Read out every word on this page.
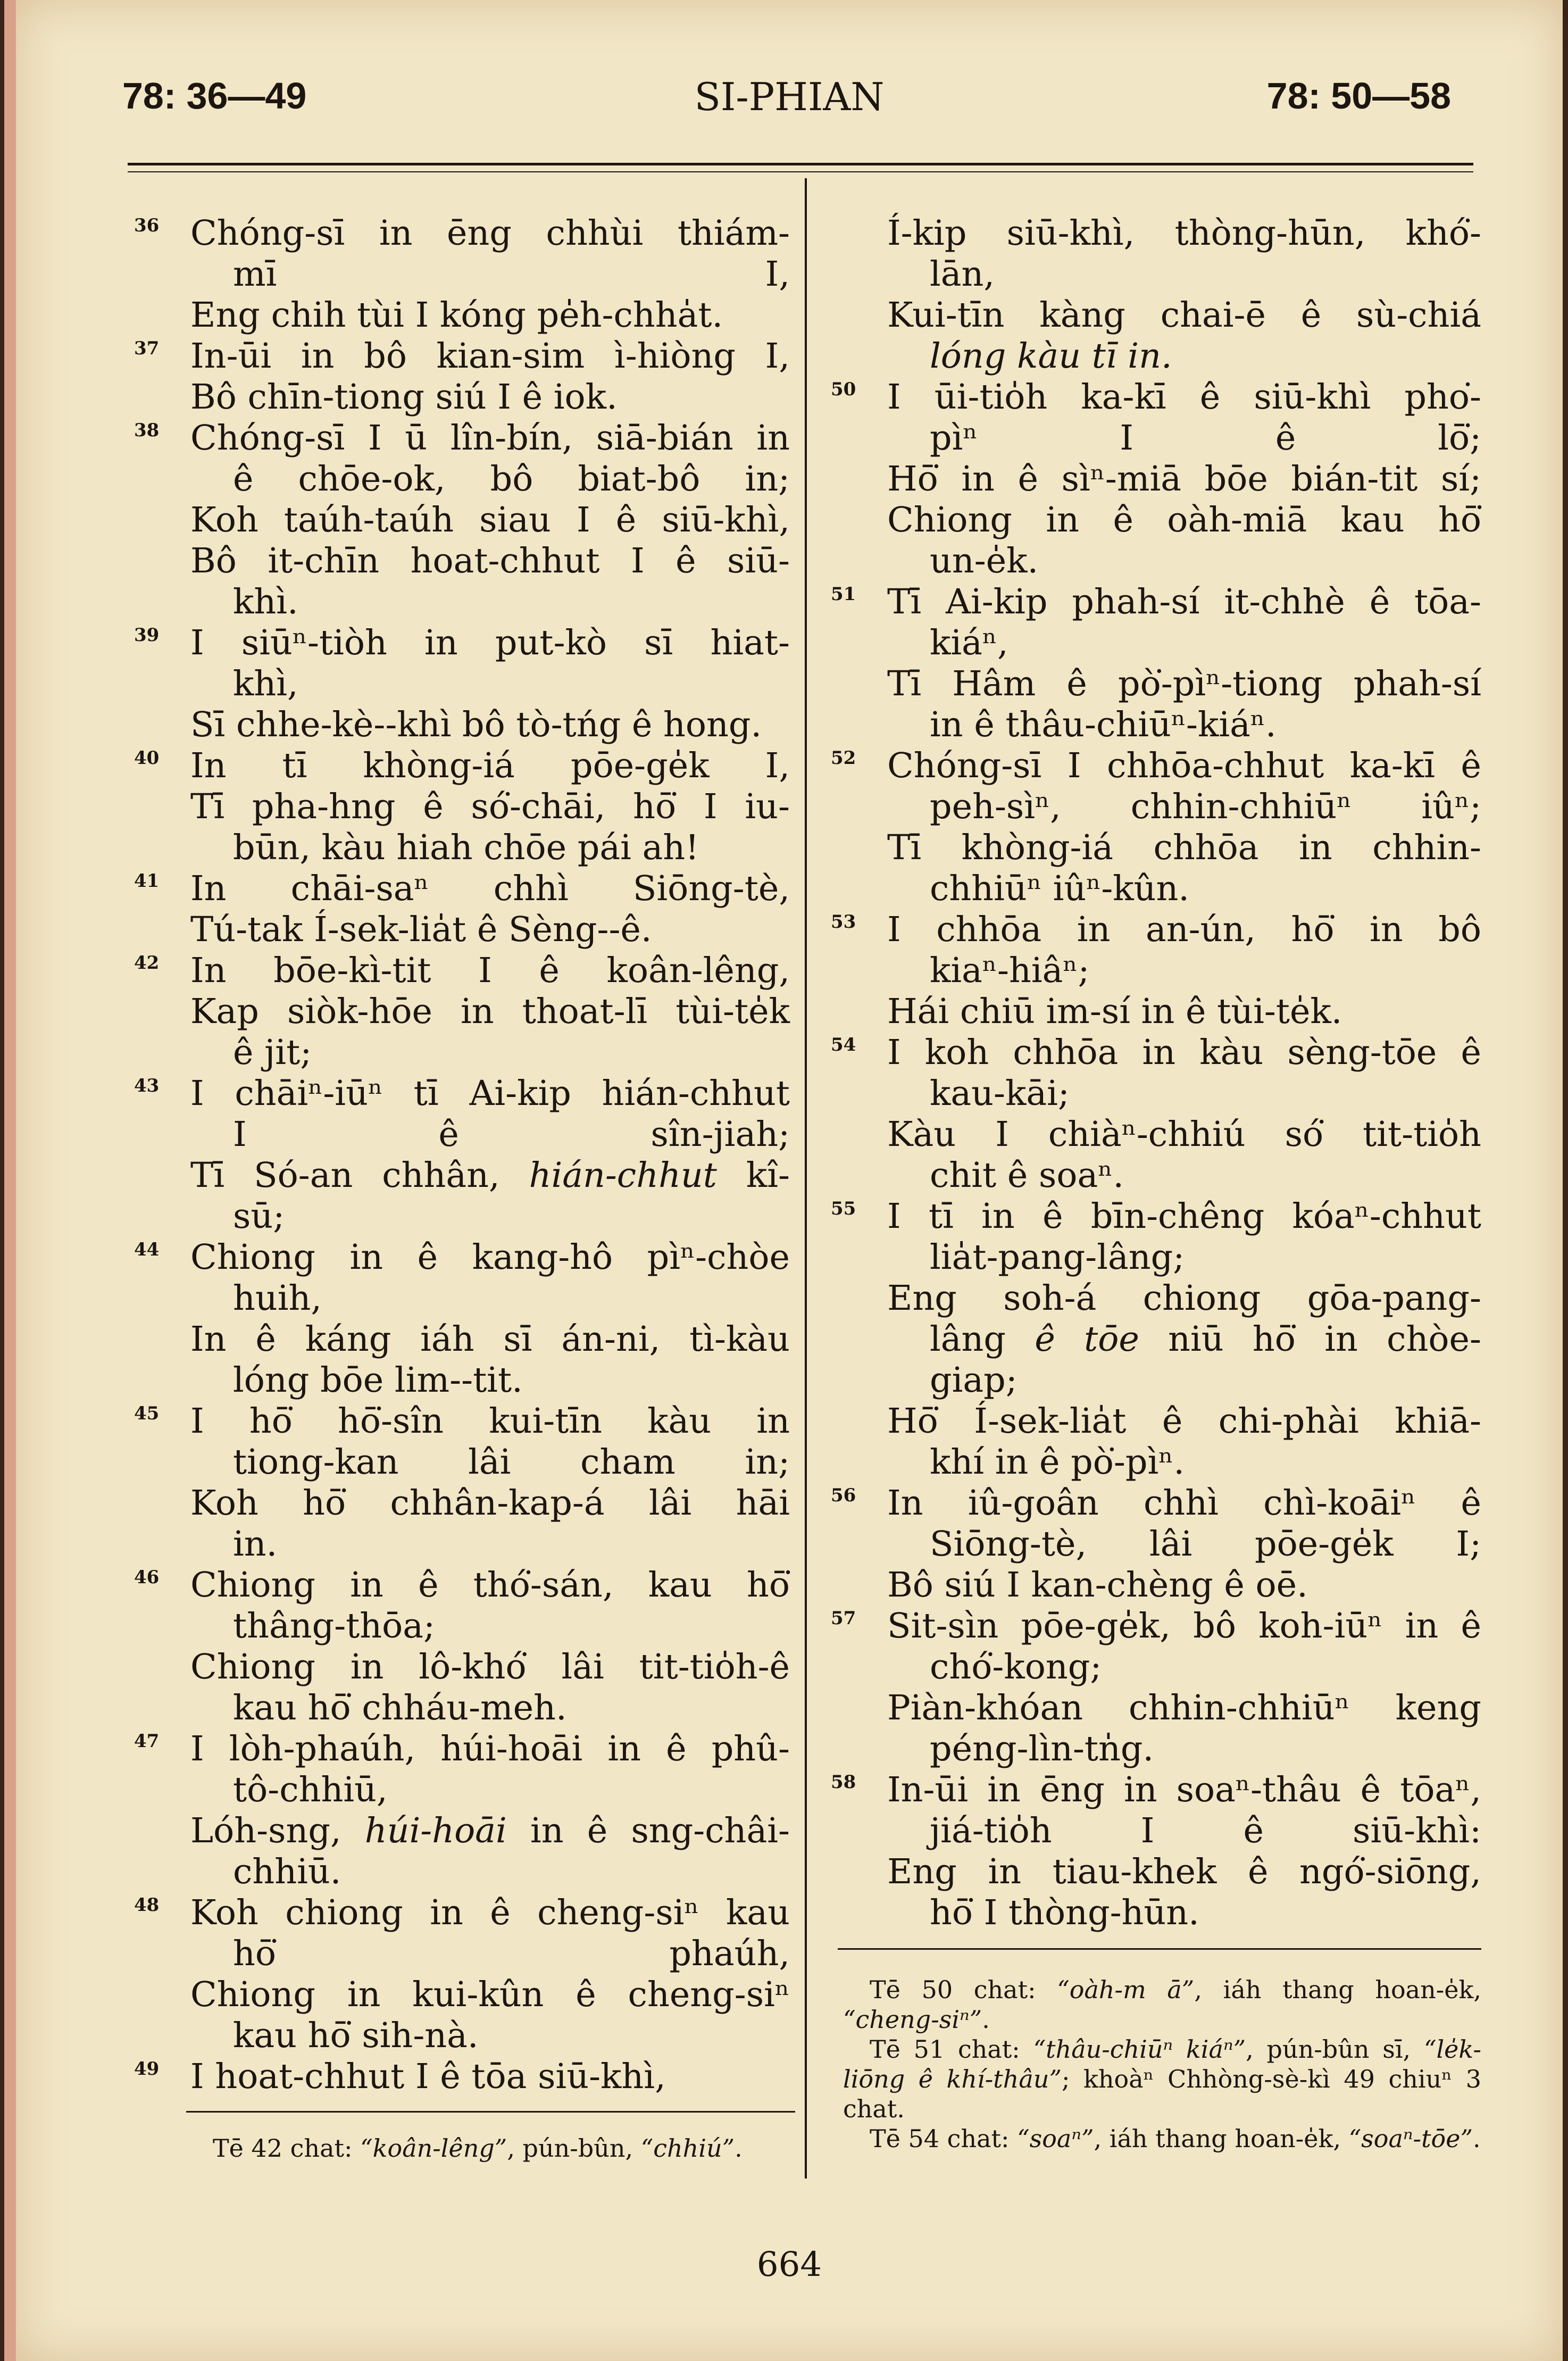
78: 36—49	SI-PHIAN	78: 50—58
36 Chóng-sī in ēng chhùi thiám-
mī I,
Eng chih tùi I kóng pe̍h-chha̍t.
37 In-ūi in bô kian-sim ì-hiòng I,
Bô chīn-tiong siú I ê iok.
38 Chóng-sī I ū lîn-bín, siā-bián in
ê chōe-ok, bô biat-bô in;
Koh taúh-taúh siau I ê siū-khì,
Bô it-chīn hoat-chhut I ê siū-
khì.
39 I siūⁿ-tiòh in put-kò sī hiat-
khì,
Sī chhe-kè--khì bô tò-tńg ê hong.
40 In tī khòng-iá pōe-ge̍k I,
Tī pha-hng ê só͘-chāi, hō͘ I iu-
būn, kàu hiah chōe pái ah!
41 In chāi-saⁿ chhì Siōng-tè,
Tú-tak Í-sek-lia̍t ê Sèng--ê.
42 In bōe-kì-tit I ê koân-lêng,
Kap siòk-hōe in thoat-lī tùi-te̍k
ê jit;
43 I chāiⁿ-iūⁿ tī Ai-kip hián-chhut
I ê sîn-jiah;
Tī Só-an chhân, hián-chhut kî-
sū;
44 Chiong in ê kang-hô pìⁿ-chòe
huih,
In ê káng iáh sī án-ni, tì-kàu
lóng bōe lim--tit.
45 I hō͘ hō͘-sîn kui-tīn kàu in
tiong-kan lâi cham in;
Koh hō͘ chhân-kap-á lâi hāi
in.
46 Chiong in ê thó͘-sán, kau hō͘
thâng-thōa;
Chiong in lô-khó͘ lâi tit-tio̍h-ê
kau hō͘ chháu-meh.
47 I lòh-phaúh, húi-hoāi in ê phû-
tô-chhiū,
Lóh-sng, húi-hoāi in ê sng-châi-
chhiū.
48 Koh chiong in ê cheng-siⁿ kau
hō͘ phaúh,
Chiong in kui-kûn ê cheng-siⁿ
kau hō͘ sih-nà.
49 I hoat-chhut I ê tōa siū-khì,
Í-kip siū-khì, thòng-hūn, khó͘-
lān,
Kui-tīn kàng chai-ē ê sù-chiá
lóng kàu tī in.
50 I ūi-tio̍h ka-kī ê siū-khì pho͘-
pìⁿ I ê lō͘;
Hō͘ in ê sìⁿ-miā bōe bián-tit sí;
Chiong in ê oàh-miā kau hō͘
un-e̍k.
51 Tī Ai-kip phah-sí it-chhè ê tōa-
kiáⁿ,
Tī Hâm ê pò͘-pìⁿ-tiong phah-sí
in ê thâu-chiūⁿ-kiáⁿ.
52 Chóng-sī I chhōa-chhut ka-kī ê
peh-sìⁿ, chhin-chhiūⁿ iûⁿ;
Tī khòng-iá chhōa in chhin-
chhiūⁿ iûⁿ-kûn.
53 I chhōa in an-ún, hō͘ in bô
kiaⁿ-hiâⁿ;
Hái chiū im-sí in ê tùi-te̍k.
54 I koh chhōa in kàu sèng-tōe ê
kau-kāi;
Kàu I chiàⁿ-chhiú só͘ tit-tio̍h
chit ê soaⁿ.
55 I tī in ê bīn-chêng kóaⁿ-chhut
lia̍t-pang-lâng;
Eng soh-á chiong gōa-pang-
lâng ê tōe niū hō͘ in chòe-
giap;
Hō͘ Í-sek-lia̍t ê chi-phài khiā-
khí in ê pò͘-pìⁿ.
56 In iû-goân chhì chì-koāiⁿ ê
Siōng-tè, lâi pōe-ge̍k I;
Bô siú I kan-chèng ê oē.
57 Sit-sìn pōe-ge̍k, bô koh-iūⁿ in ê
chó͘-kong;
Piàn-khóan chhin-chhiūⁿ keng
péng-lìn-tn̍g.
58 In-ūi in ēng in soaⁿ-thâu ê tōaⁿ,
jiá-tio̍h I ê siū-khì:
Eng in tiau-khek ê ngó͘-siōng,
hō͘ I thòng-hūn.

Tē 42 chat: “koân-lêng”, pún-bûn, “chhiú”.

Tē 50 chat: “oàh-m ā”, iáh thang hoan-e̍k, “cheng-siⁿ”.

Tē 51 chat: “thâu-chiūⁿ kiáⁿ”, pún-bûn sī, “le̍k-liōng ê khí-thâu”; khoàⁿ Chhòng-sè-kì 49 chiuⁿ 3 chat.

Tē 54 chat: “soaⁿ”, iáh thang hoan-e̍k, “soaⁿ-tōe”.

664
